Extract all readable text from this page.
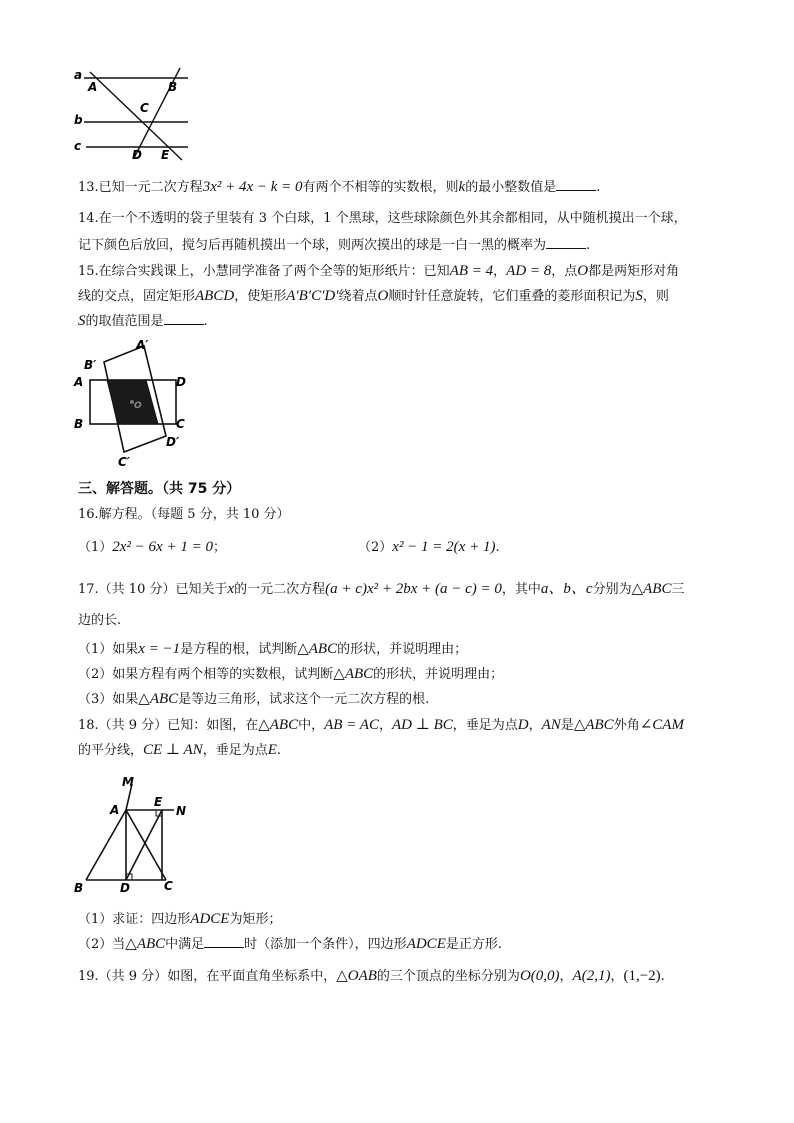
a
A	B
C
b
c
D E
13.已知一元二次方程3x² + 4x − k = 0有两个不相等的实数根，则k的最小整数值是	.
14.在一个不透明的袋子里装有 3 个白球，1 个黑球，这些球除颜色外其余都相同，从中随机摸出一个球，
记下颜色后放回，搅匀后再随机摸出一个球，则两次摸出的球是一白一黑的概率为	.
15.在综合实践课上，小慧同学准备了两个全等的矩形纸片：已知AB = 4，AD = 8，点O都是两矩形对角
线的交点，固定矩形ABCD，使矩形A′B′C′D′绕着点O顺时针任意旋转，它们重叠的菱形面积记为S，则
S的取值范围是	.
O
B′
A′
A	D
B	C
D′
C′
三、解答题。（共 75 分）
16.解方程。（每题 5 分，共 10 分）
（1）2x² − 6x + 1 = 0；	（2）x² − 1 = 2(x + 1).
17.（共 10 分）已知关于x的一元二次方程(a + c)x² + 2bx + (a − c) = 0，其中a、b、c分别为△ABC三
边的长.
（1）如果x = −1是方程的根，试判断△ABC的形状，并说明理由；
（2）如果方程有两个相等的实数根，试判断△ABC的形状，并说明理由；
（3）如果△ABC是等边三角形，试求这个一元二次方程的根.
18.（共 9 分）已知：如图，在△ABC中，AB = AC，AD ⊥ BC，垂足为点D，AN是△ABC外角∠CAM
的平分线，CE ⊥ AN，垂足为点E.
M
A
E
N
B	D	C
（1）求证：四边形ADCE为矩形；
（2）当△ABC中满足	时（添加一个条件），四边形ADCE是正方形.
19.（共 9 分）如图，在平面直角坐标系中，△OAB的三个顶点的坐标分别为O(0,0)，A(2,1)，(1,−2).
